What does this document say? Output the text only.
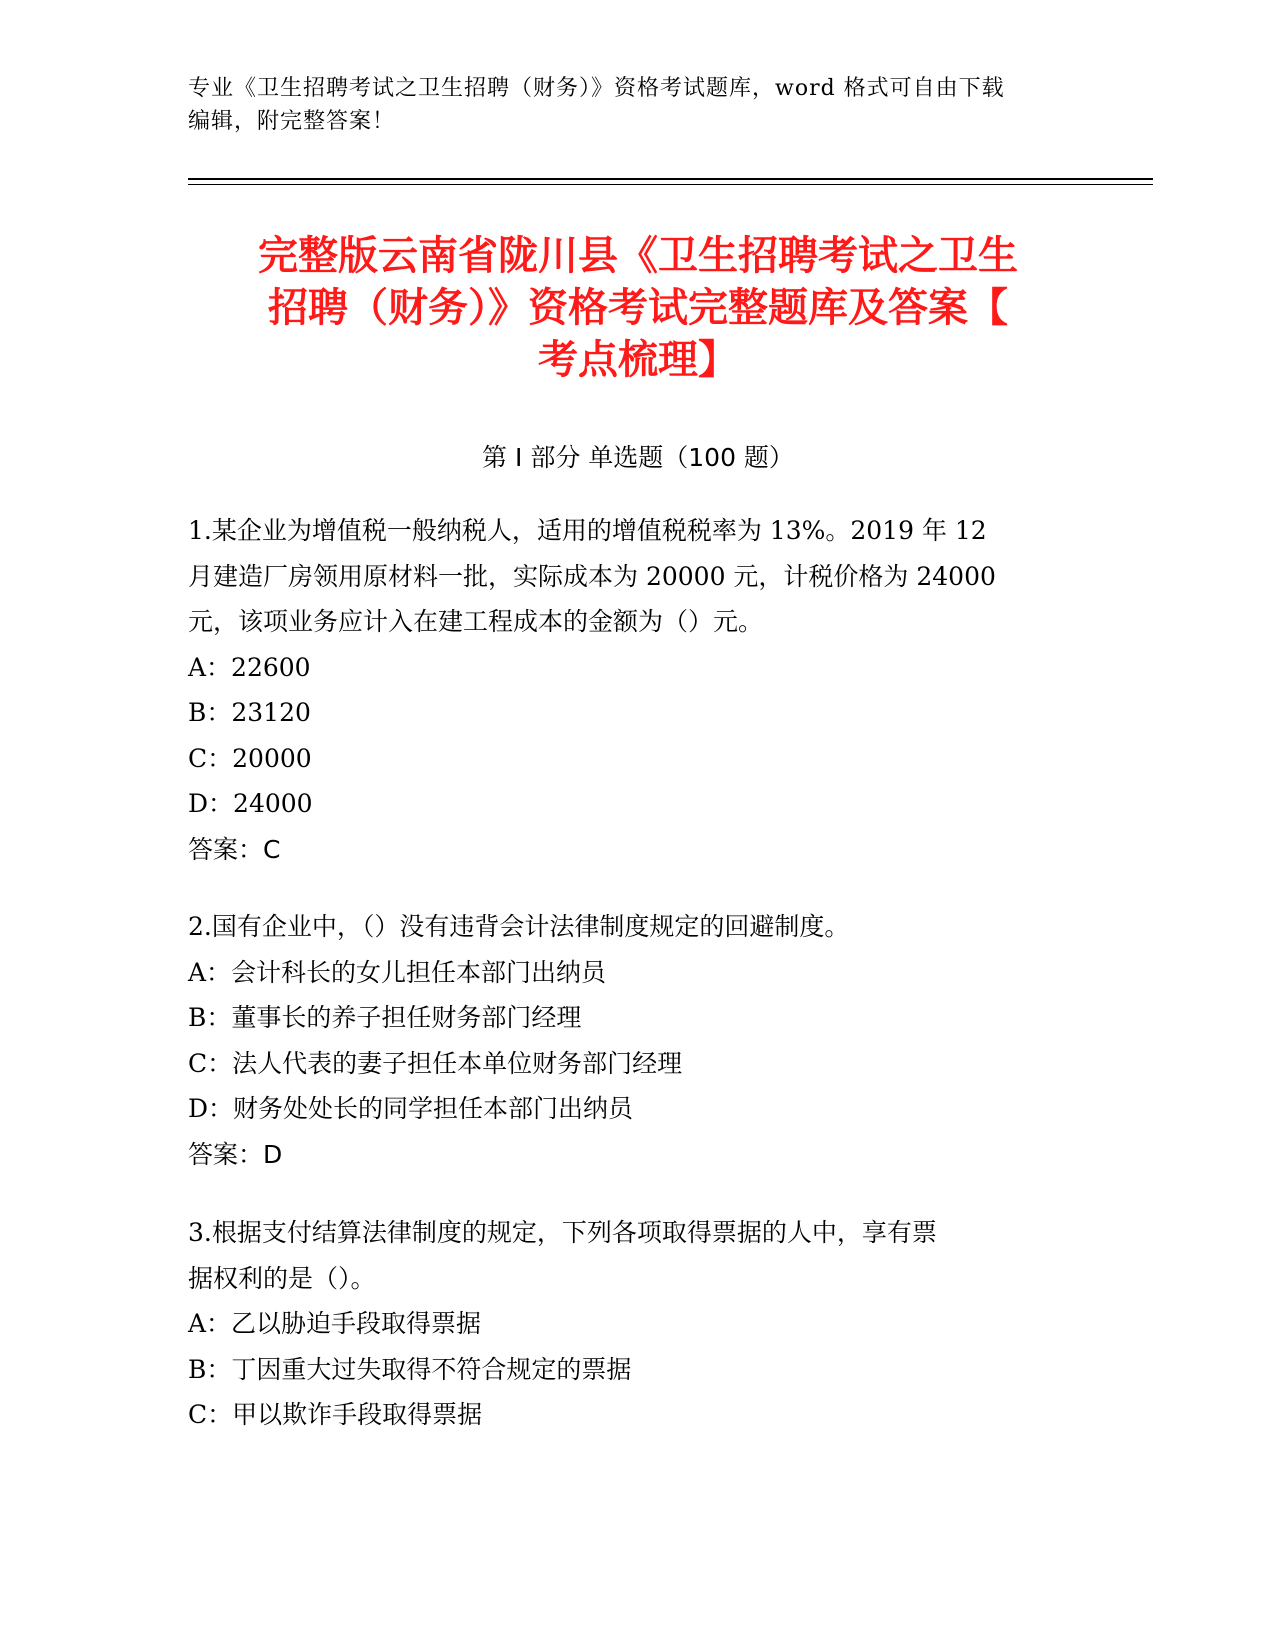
专业《卫生招聘考试之卫生招聘（财务）》资格考试题库，word 格式可自由下载
编辑，附完整答案！
完整版云南省陇川县《卫生招聘考试之卫生
招聘（财务）》资格考试完整题库及答案【
考点梳理】
第 I 部分 单选题（100 题）
1.某企业为增值税一般纳税人，适用的增值税税率为 13%。2019 年 12
月建造厂房领用原材料一批，实际成本为 20000 元，计税价格为 24000
元，该项业务应计入在建工程成本的金额为（）元。
A：22600
B：23120
C：20000
D：24000
答案：C
2.国有企业中，（）没有违背会计法律制度规定的回避制度。
A：会计科长的女儿担任本部门出纳员
B：董事长的养子担任财务部门经理
C：法人代表的妻子担任本单位财务部门经理
D：财务处处长的同学担任本部门出纳员
答案：D
3.根据支付结算法律制度的规定，下列各项取得票据的人中，享有票
据权利的是（）。
A：乙以胁迫手段取得票据
B：丁因重大过失取得不符合规定的票据
C：甲以欺诈手段取得票据
